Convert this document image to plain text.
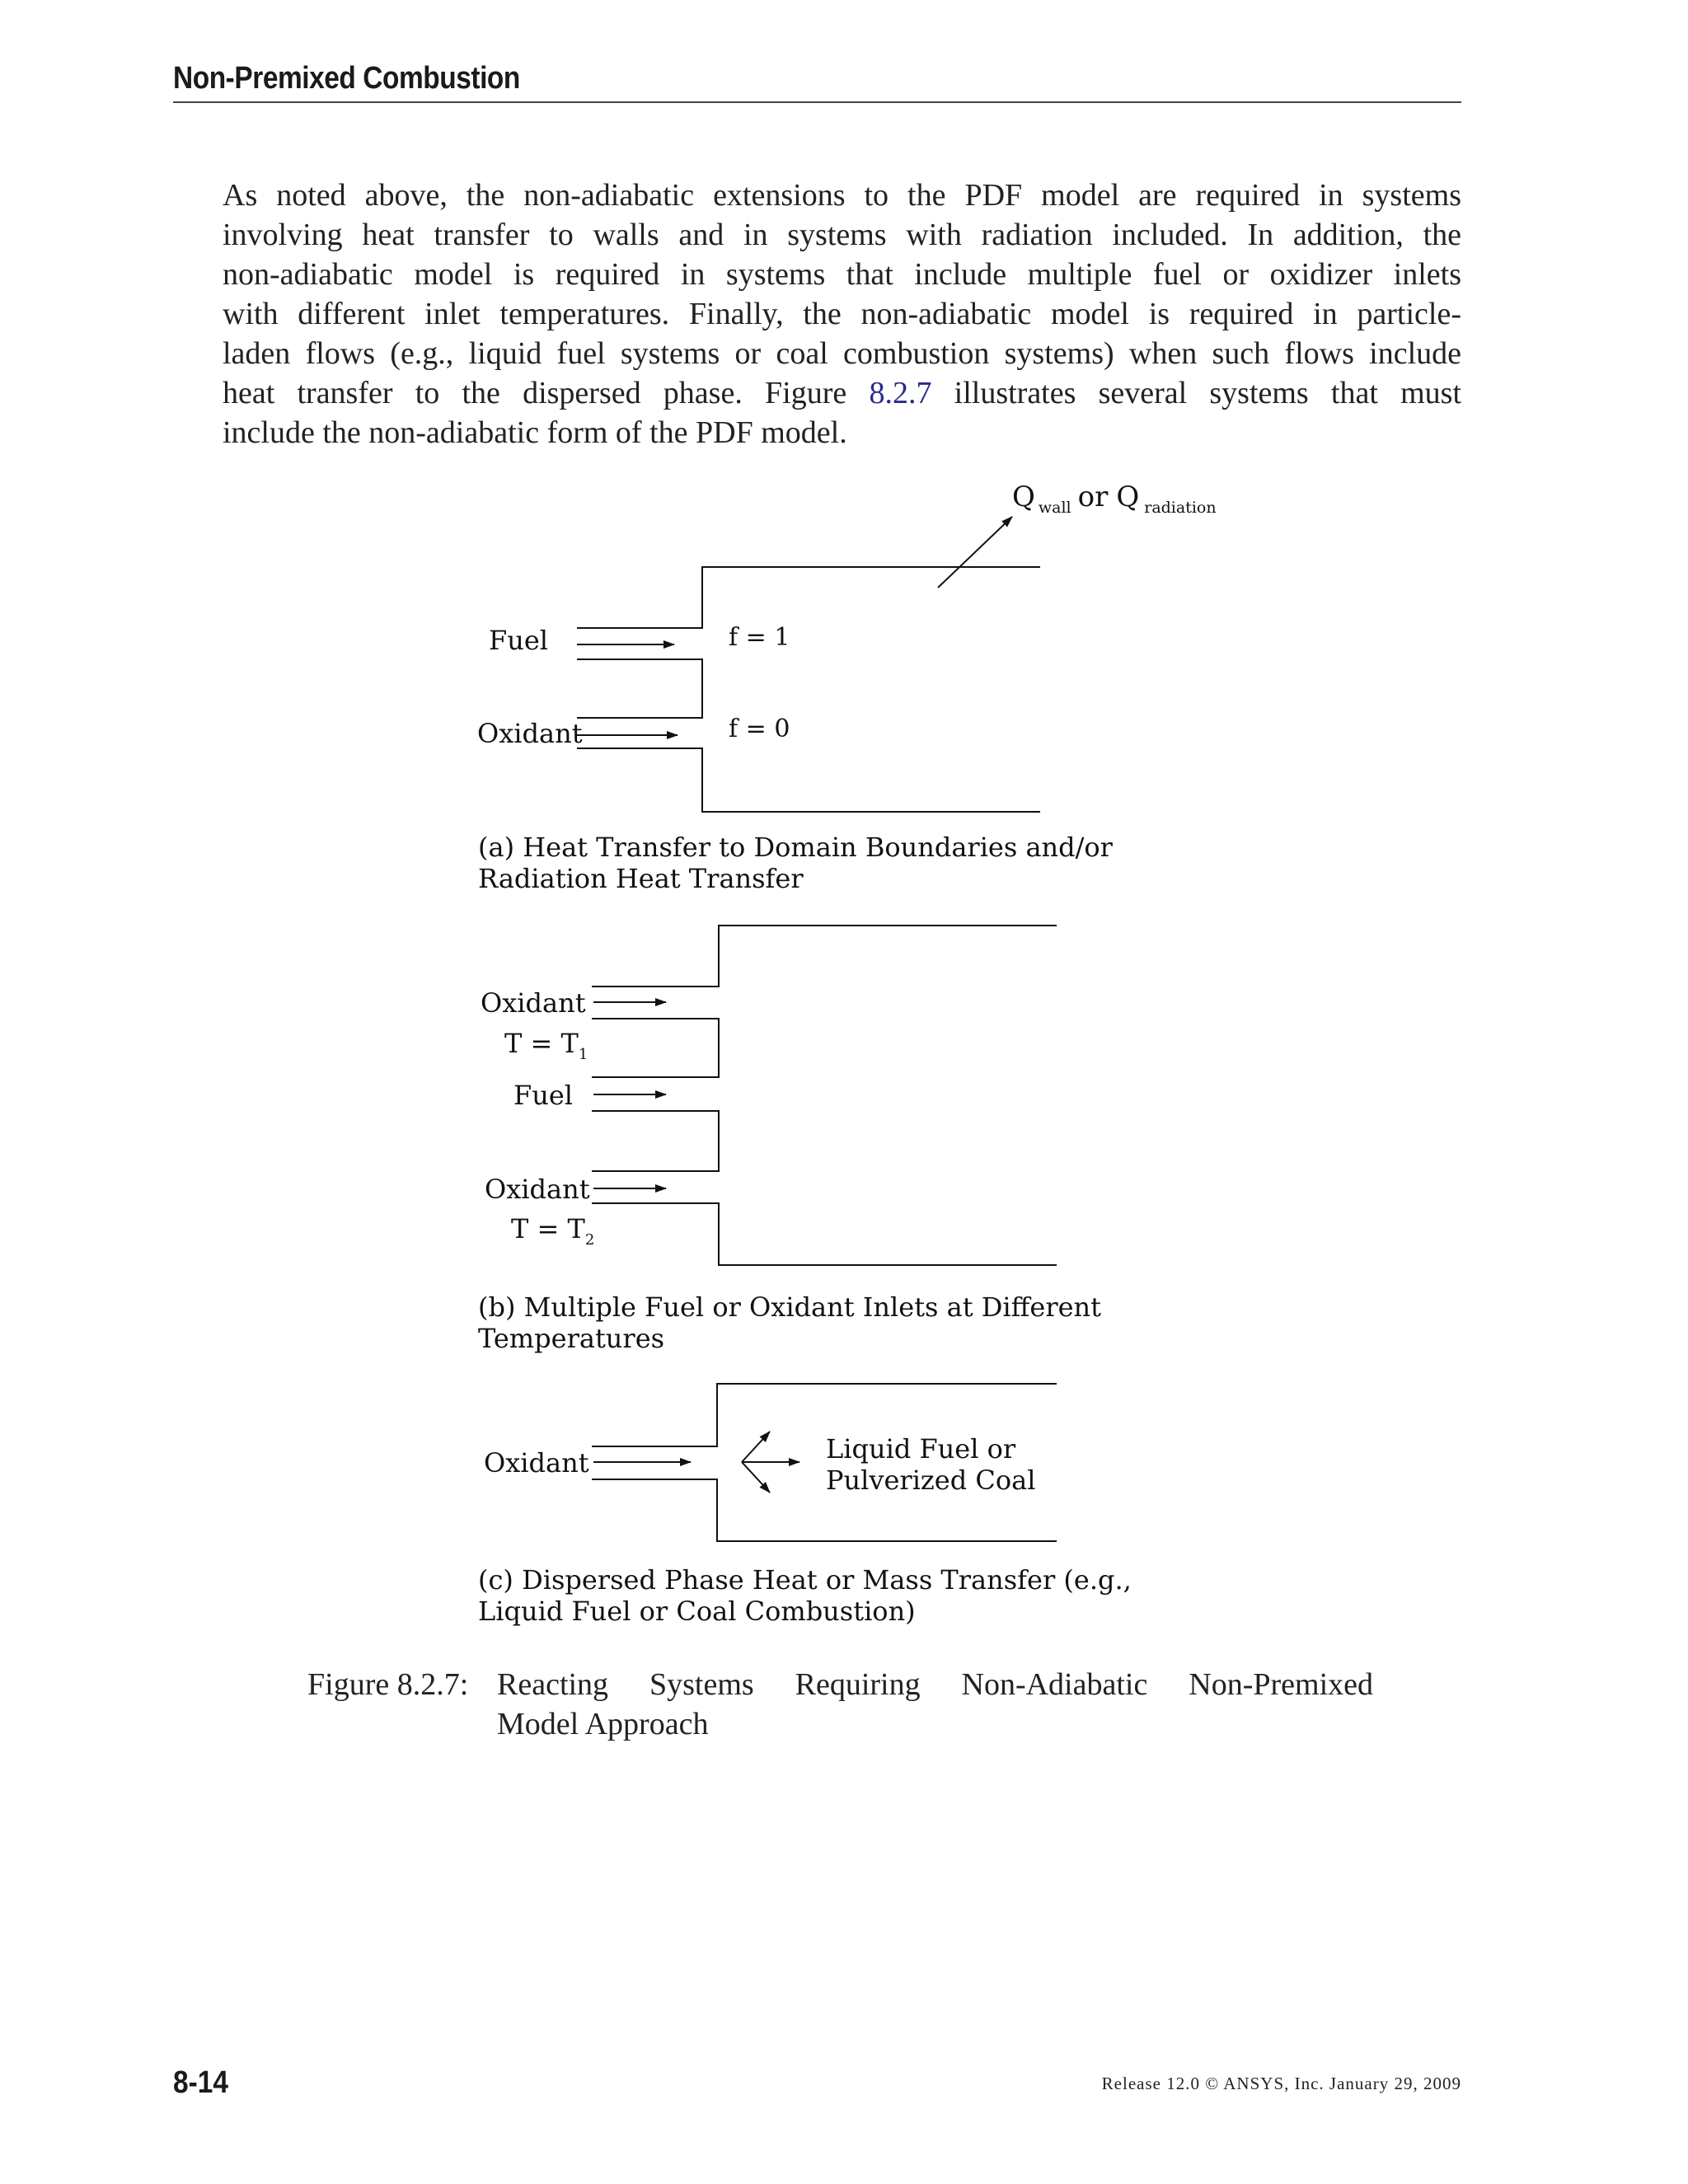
Non-Premixed Combustion
As noted above, the non-adiabatic extensions to the PDF model are required in systems
involving heat transfer to walls and in systems with radiation included. In addition, the
non-adiabatic model is required in systems that include multiple fuel or oxidizer inlets
with different inlet temperatures. Finally, the non-adiabatic model is required in particle-
laden flows (e.g., liquid fuel systems or coal combustion systems) when such flows include
heat transfer to the dispersed phase. Figure 8.2.7 illustrates several systems that must
include the non-adiabatic form of the PDF model.
Q $_{wall}$ or Q $_{radiation}$
Fuel
Oxidant
f = 1
f = 0
(a) Heat Transfer to Domain Boundaries and/or
Radiation Heat Transfer
Oxidant
$T = T_1$
Fuel
Oxidant
$T = T_2$
(b) Multiple Fuel or Oxidant Inlets at Different
Temperatures
Oxidant	Liquid Fuel or
Pulverized Coal
(c) Dispersed Phase Heat or Mass Transfer (e.g.,
Liquid Fuel or Coal Combustion)
Figure 8.2.7: Reacting Systems Requiring Non-Adiabatic Non-Premixed
Model Approach
8-14	Release 12.0 © ANSYS, Inc. January 29, 2009
